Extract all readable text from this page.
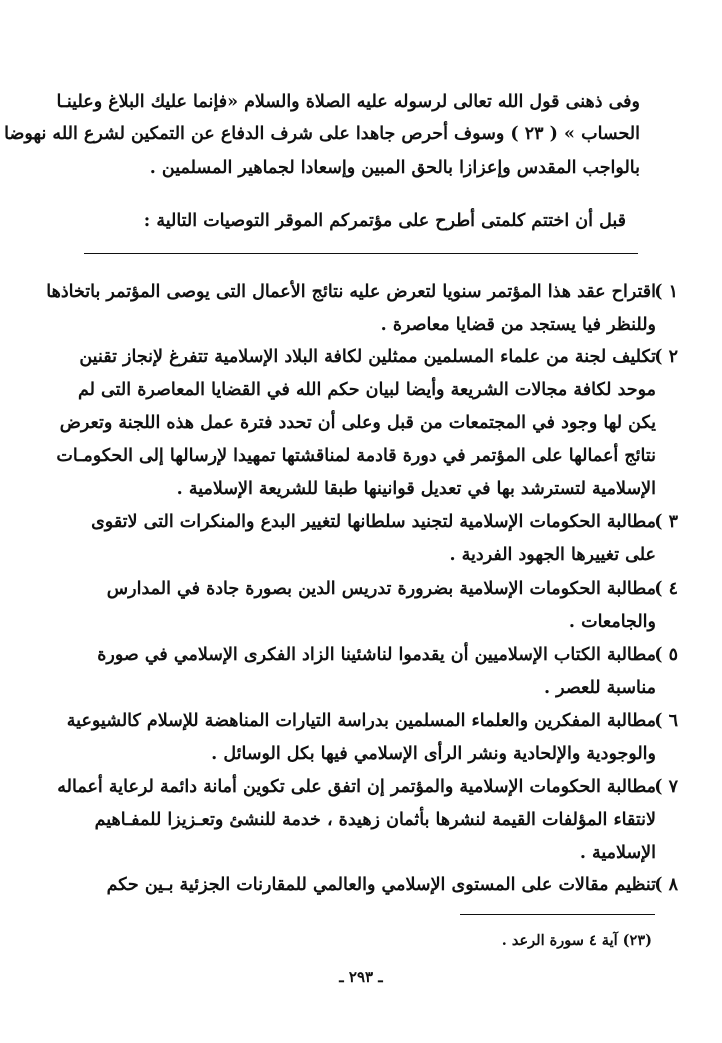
وفى ذهنى قول الله تعالى لرسوله عليه الصلاة والسلام «فإنما عليك البلاغ وعلينـا
الحساب » ( ٢٣ ) وسوف أحرص جاهدا على شرف الدفاع عن التمكين لشرع الله نهوضا
بالواجب المقدس وإعزازا بالحق المبين وإسعادا لجماهير المسلمين .
قبل أن اختتم كلمتى أطرح على مؤتمركم الموقر التوصيات التالية :
١ )
اقتراح عقد هذا المؤتمر سنويا لتعرض عليه نتائج الأعمال التى يوصى المؤتمر باتخاذها
وللنظر فيا يستجد من قضايا معاصرة .
٢ )
تكليف لجنة من علماء المسلمين ممثلين لكافة البلاد الإسلامية تتفرغ لإنجاز تقنين
موحد لكافة مجالات الشريعة وأيضا لبيان حكم الله في القضايا المعاصرة التى لم
يكن لها وجود في المجتمعات من قبل وعلى أن تحدد فترة عمل هذه اللجنة وتعرض
نتائج أعمالها على المؤتمر في دورة قادمة لمناقشتها تمهيدا لإرسالها إلى الحكومـات
الإسلامية لتسترشد بها في تعديل قوانينها طبقا للشريعة الإسلامية .
٣ )
مطالبة الحكومات الإسلامية لتجنيد سلطانها لتغيير البدع والمنكرات التى لاتقوى
على تغييرها الجهود الفردية .
٤ )
مطالبة الحكومات الإسلامية بضرورة تدريس الدين بصورة جادة في المدارس
والجامعات .
٥ )
مطالبة الكتاب الإسلاميين أن يقدموا لناشئينا الزاد الفكرى الإسلامي في صورة
مناسبة للعصر .
٦ )
مطالبة المفكرين والعلماء المسلمين بدراسة التيارات المناهضة للإسلام كالشيوعية
والوجودية والإلحادية ونشر الرأى الإسلامي فيها بكل الوسائل .
٧ )
مطالبة الحكومات الإسلامية والمؤتمر إن اتفق على تكوين أمانة دائمة لرعاية أعماله
لانتقاء المؤلفات القيمة لنشرها بأثمان زهيدة ، خدمة للنشئ وتعـزيزا للمفـاهيم
الإسلامية .
٨ )
تنظيم مقالات على المستوى الإسلامي والعالمي للمقارنات الجزئية بـين حكم
(٢٣) آية ٤ سورة الرعد .
ـ ٢٩٣ ـ
